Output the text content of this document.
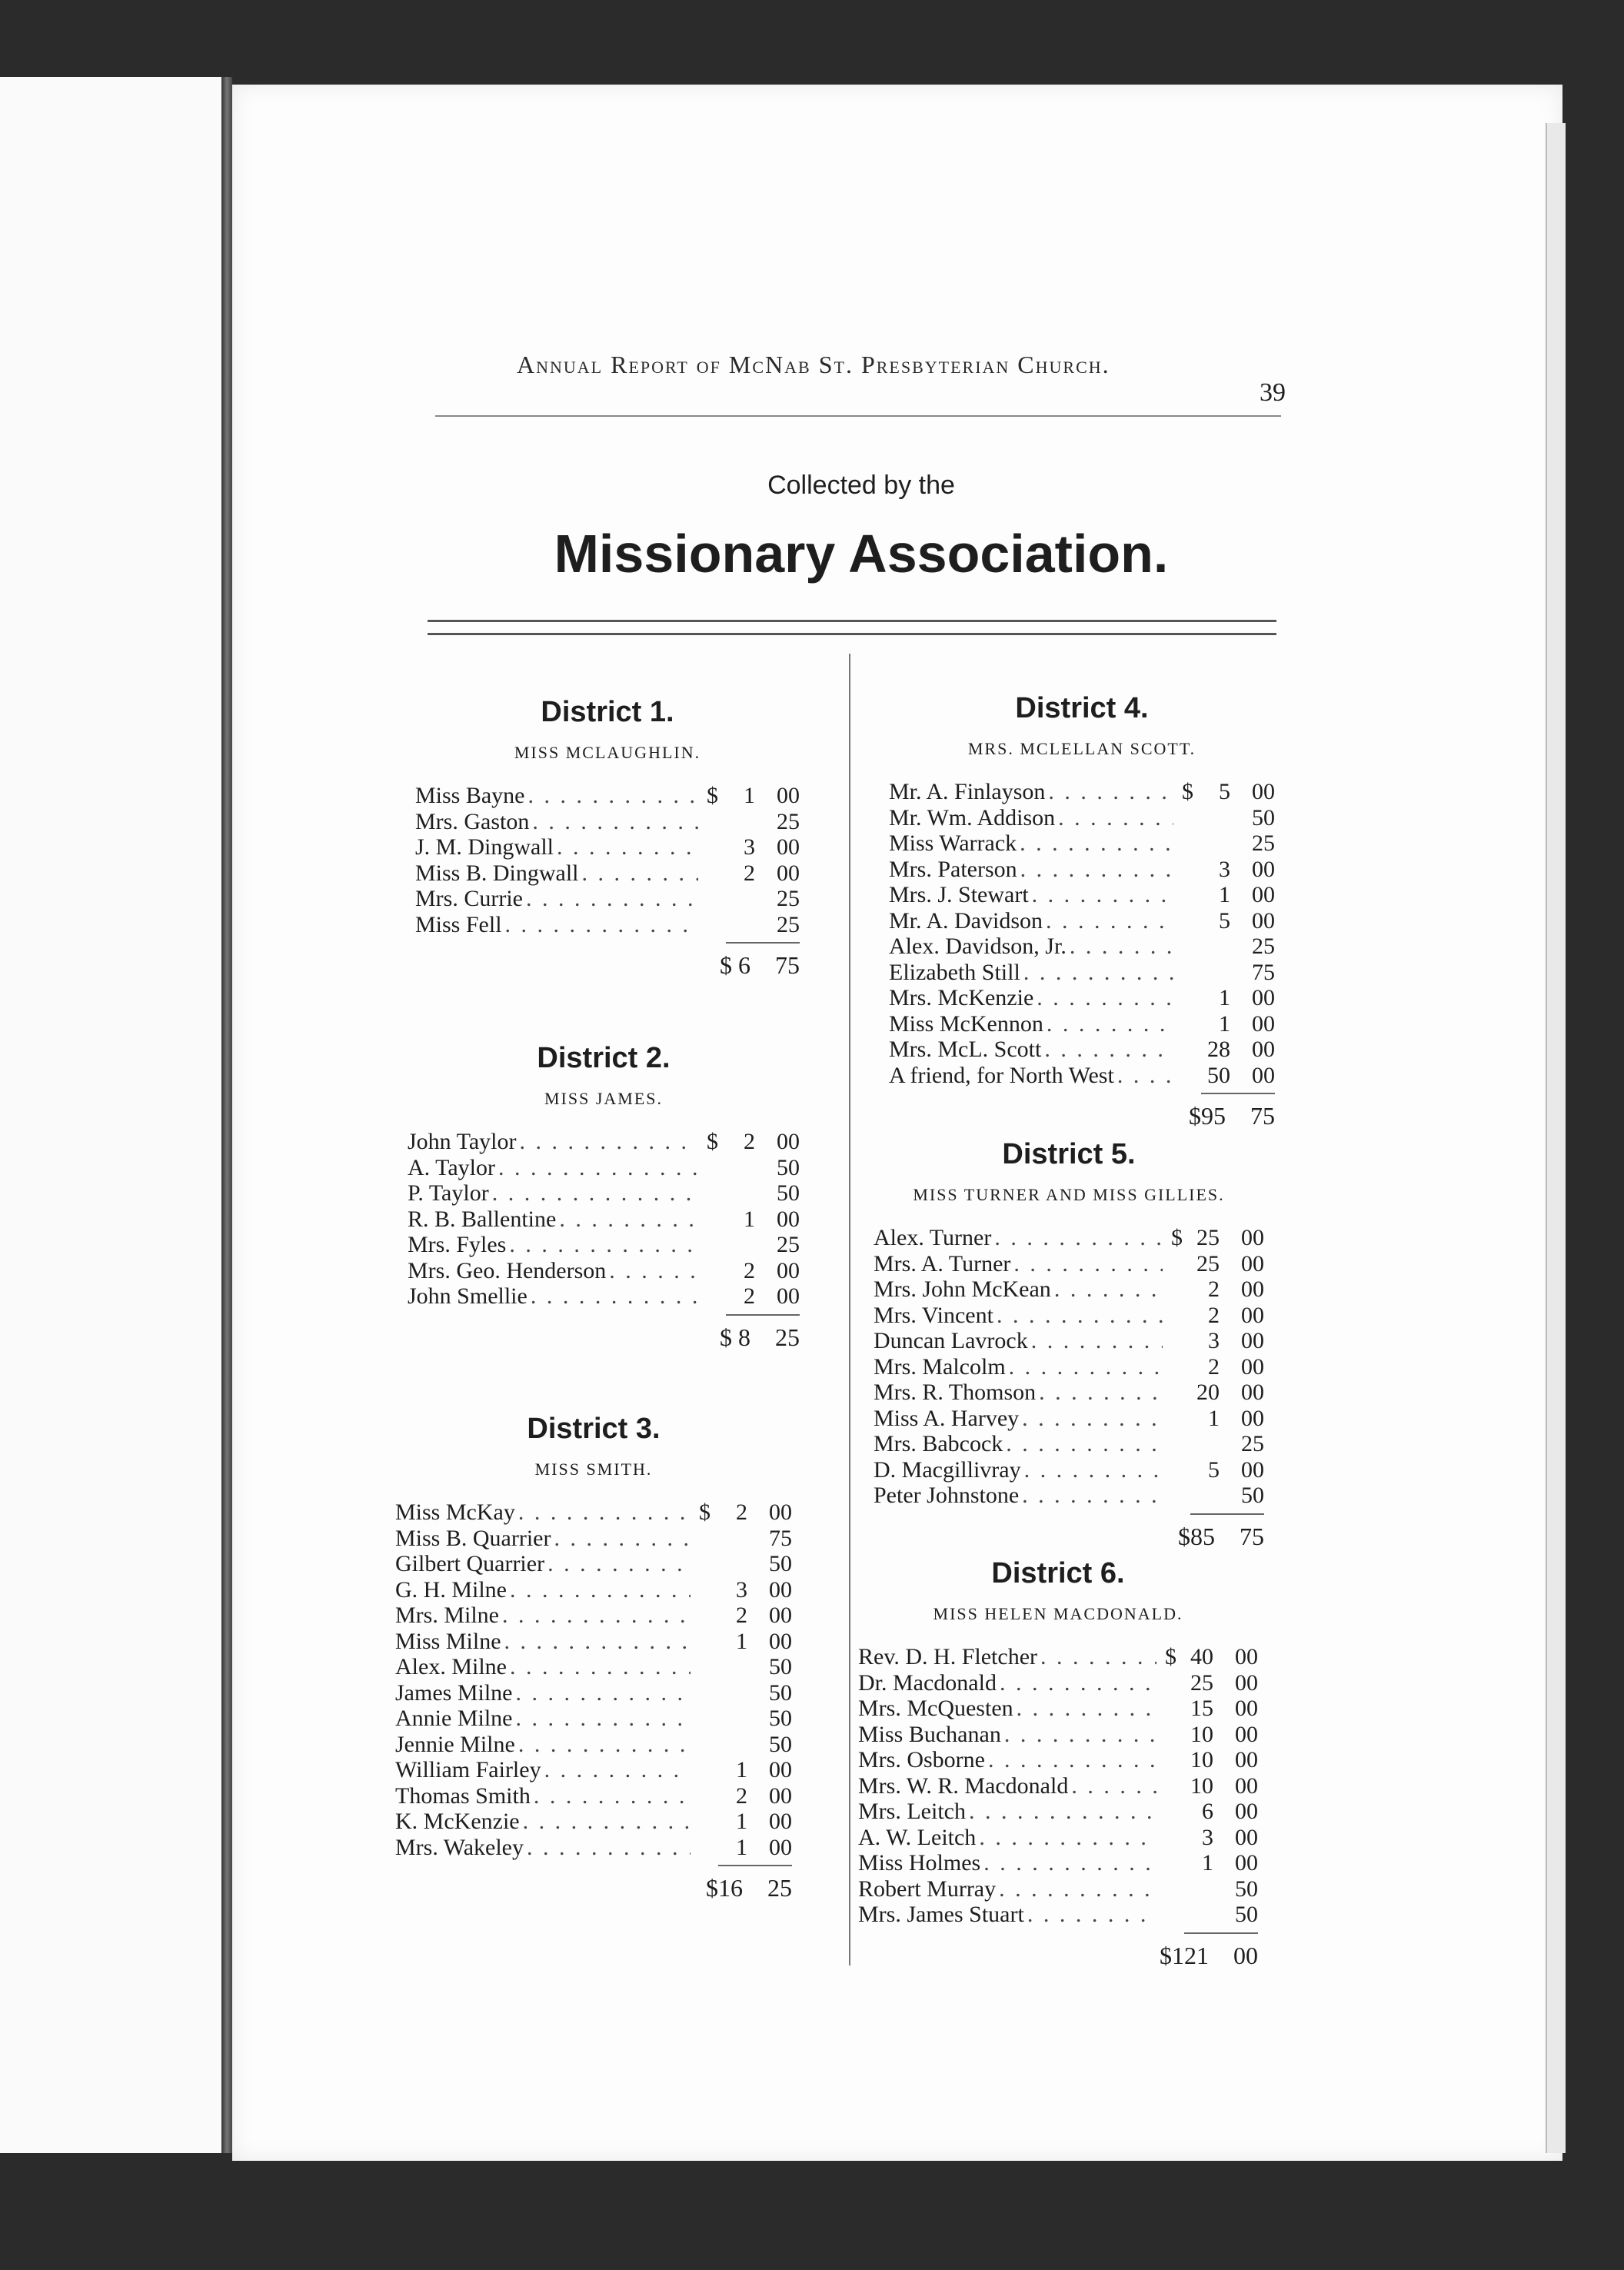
Annual Report of McNab St. Presbyterian Church.
39
Collected by the
Missionary Association.
District 1.
MISS MCLAUGHLIN.
Miss Bayne . . .	$	1 00
Mrs. Gaston . . .	25
J. M. Dingwall . . .	3 00
Miss B. Dingwall . . .	2 00
Mrs. Currie . . .	25
Miss Fell . . .	25
$ 6	75
District 2.
MISS JAMES.
John Taylor . . .	$	2 00
A. Taylor . . .	50
P. Taylor . . .	50
R. B. Ballentine . . .	1 00
Mrs. Fyles . . .	25
Mrs. Geo. Henderson . . .	2 00
John Smellie . . .	2 00
$ 8	25
District 3.
MISS SMITH.
Miss McKay . . .	$	2 00
Miss B. Quarrier . . .	75
Gilbert Quarrier . . .	50
G. H. Milne . . .	3 00
Mrs. Milne . . .	2 00
Miss Milne . . .	1 00
Alex. Milne . . .	50
James Milne . . .	50
Annie Milne . . .	50
Jennie Milne . . .	50
William Fairley . . .	1 00
Thomas Smith . . .	2 00
K. McKenzie . . .	1 00
Mrs. Wakeley . . .	1 00
$16	25
District 4.
MRS. MCLELLAN SCOTT.
Mr. A. Finlayson . . .	$	5 00
Mr. Wm. Addison . . .	50
Miss Warrack . . .	25
Mrs. Paterson . . .	3 00
Mrs. J. Stewart . . .	1 00
Mr. A. Davidson . . .	5 00
Alex. Davidson, Jr. . . .	25
Elizabeth Still . . .	75
Mrs. McKenzie . . .	1 00
Miss McKennon . . .	1 00
Mrs. McL. Scott . . .	28 00
A friend, for North West . . .	50 00
$95	75
District 5.
MISS TURNER AND MISS GILLIES.
Alex. Turner . . .	$ 25 00
Mrs. A. Turner . . .	25 00
Mrs. John McKean . . .	2 00
Mrs. Vincent . . .	2 00
Duncan Lavrock . . .	3 00
Mrs. Malcolm . . .	2 00
Mrs. R. Thomson . . .	20 00
Miss A. Harvey . . .	1 00
Mrs. Babcock . . .	25
D. Macgillivray . . .	5 00
Peter Johnstone . . .	50
$85	75
District 6.
MISS HELEN MACDONALD.
Rev. D. H. Fletcher . . .	$ 40 00
Dr. Macdonald . . .	25 00
Mrs. McQuesten . . .	15 00
Miss Buchanan . . .	10 00
Mrs. Osborne . . .	10 00
Mrs. W. R. Macdonald . . .	10 00
Mrs. Leitch . . .	6 00
A. W. Leitch . . .	3 00
Miss Holmes . . .	1 00
Robert Murray . . .	50
Mrs. James Stuart . . .	50
$121	00
